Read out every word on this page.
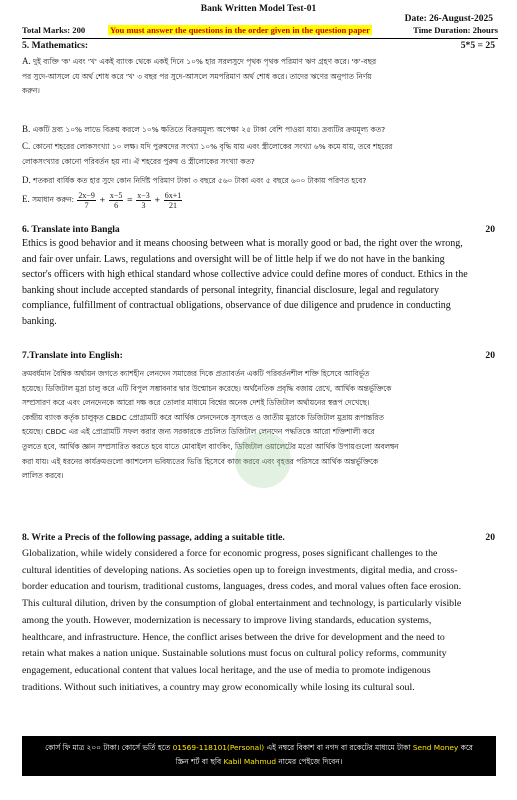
Bank Written Model Test-01
Date: 26-August-2025
Total Marks: 200	You must answer the questions in the order given in the question paper	Time Duration: 2hours
5. Mathematics:	5*5 = 25
A. দুই ব্যক্তি 'ক' এবং 'খ' একই ব্যাংক থেকে একই দিনে ১০% হার সরলসুদে পৃথক পৃথক পরিমাণ ঋণ গ্রহণ করে। 'ক'-বছর
পর সুদে-আসলে যে অর্থ শোধ করে 'খ' ৩ বছর পর সুদে-আসলে সমপরিমাণ অর্থ শোধ করে। তাদের ঋণের অনুপাত নির্ণয়
করুন।
B. একটি দ্রব্য ১০% লাভে বিক্রয় করলে ১০% ক্ষতিতে বিক্রয়মূল্য অপেক্ষা ২৫ টাকা বেশি পাওয়া যায়। দ্রব্যটির ক্রয়মূল্য কত?
C. কোনো শহরের লোকসংখ্যা ১০ লক্ষ। যদি পুরুষদের সংখ্যা ১০% বৃদ্ধি যায় এবং স্ত্রীলোকের সংখ্যা ৬% কমে যায়, তবে শহরের
লোকসংখ্যার কোনো পরিবর্তন হয় না। ঐ শহরের পুরুষ ও স্ত্রীলোকের সংখ্যা কত?
D. শতকরা বার্ষিক কত হার সুদে কোন নির্দিষ্ট পরিমাণ টাকা ৩ বছরে ৫৬০ টাকা এবং ৫ বছরে ৬০০ টাকায় পরিণত হবে?
E. সমাধান করুন: $\frac{2x-9}{7} + \frac{x-5}{6} = \frac{x-3}{3} + \frac{6x+1}{21}$
6. Translate into Bangla	20
Ethics is good behavior and it means choosing between what is morally good or bad, the right over the wrong,
and fair over unfair. Laws, regulations and oversight will be of little help if we do not have in the banking
sector's officers with high ethical standard whose collective advice could define mores of conduct. Ethics in the
banking shout include accepted standards of personal integrity, financial disclosure, legal and regulatory
compliance, fulfillment of contractual obligations, observance of due diligence and prudence in conducting
banking.
7.Translate into English:	20
ক্রমবর্ধমান বৈশ্বিক অর্থায়ন জগতে ক্যাশহীন লেনদেন সমাজের দিকে প্রত্যাবর্তন একটি পরিবর্তনশীল শক্তি হিসেবে আবির্ভূত
হয়েছে। ডিজিটাল মুদ্রা চালু করে এটি বিপুল সম্ভাবনার দ্বার উন্মোচন করেছে। অর্থনৈতিক প্রবৃদ্ধি বজায় রেখে, আর্থিক অন্তর্ভুক্তিকে
সম্প্রসারণ করে এবং লেনদেনকে আরো দক্ষ করে তোলার মাধ্যমে বিশ্বের অনেক দেশই ডিজিটাল অর্থায়নের স্বরূপ দেখেছে।
কেন্দ্রীয় ব্যাংক কর্তৃক চালুকৃত CBDC প্রোগ্রামটি করে আর্থিক লেনদেনকে সুসংহত ও জাতীয় মুদ্রাকে ডিজিটাল মুদ্রায় রূপান্তরিত
হয়েছে। CBDC এর এই প্রোগ্রামটি সফল করার জন্য সরকারকে প্রচলিত ডিজিটাল লেনদেন পদ্ধতিকে আরো শক্তিশালী করে
তুলতে হবে, আর্থিক জ্ঞান সম্প্রসারিত করতে হবে যাতে মোবাইল ব্যাংকিং, ডিজিটাল ওয়ালেটের মতো আর্থিক উপায়গুলো অবলম্বন
করা যায়। এই ধরনের কার্যক্রমগুলো ক্যাশলেস ভবিষ্যতের ভিত্তি হিসেবে কাজ করবে এবং বৃহত্তর পরিসরে আর্থিক অন্তর্ভুক্তিকে
লালিত করবে।
8. Write a Precis of the following passage, adding a suitable title.	20
Globalization, while widely considered a force for economic progress, poses significant challenges to the
cultural identities of developing nations. As societies open up to foreign investments, digital media, and cross-
border education and tourism, traditional customs, languages, dress codes, and moral values often face erosion.
This cultural dilution, driven by the consumption of global entertainment and technology, is particularly visible
among the youth. However, modernization is necessary to improve living standards, education systems,
healthcare, and infrastructure. Hence, the conflict arises between the drive for development and the need to
retain what makes a nation unique. Sustainable solutions must focus on cultural policy reforms, community
engagement, educational content that values local heritage, and the use of media to promote indigenous
traditions. Without such initiatives, a country may grow economically while losing its cultural soul.
কোর্স ফি মাত্র ২০০ টাকা। কোর্সে ভর্তি হতে 01569-118101(Personal) এই নম্বরে বিকাশ বা নগদ বা রকেটের মাধ্যমে টাকা Send Money করে
স্ক্রিন শর্ট বা ছবি Kabil Mahmud নামের পেইজে দিবেন।
